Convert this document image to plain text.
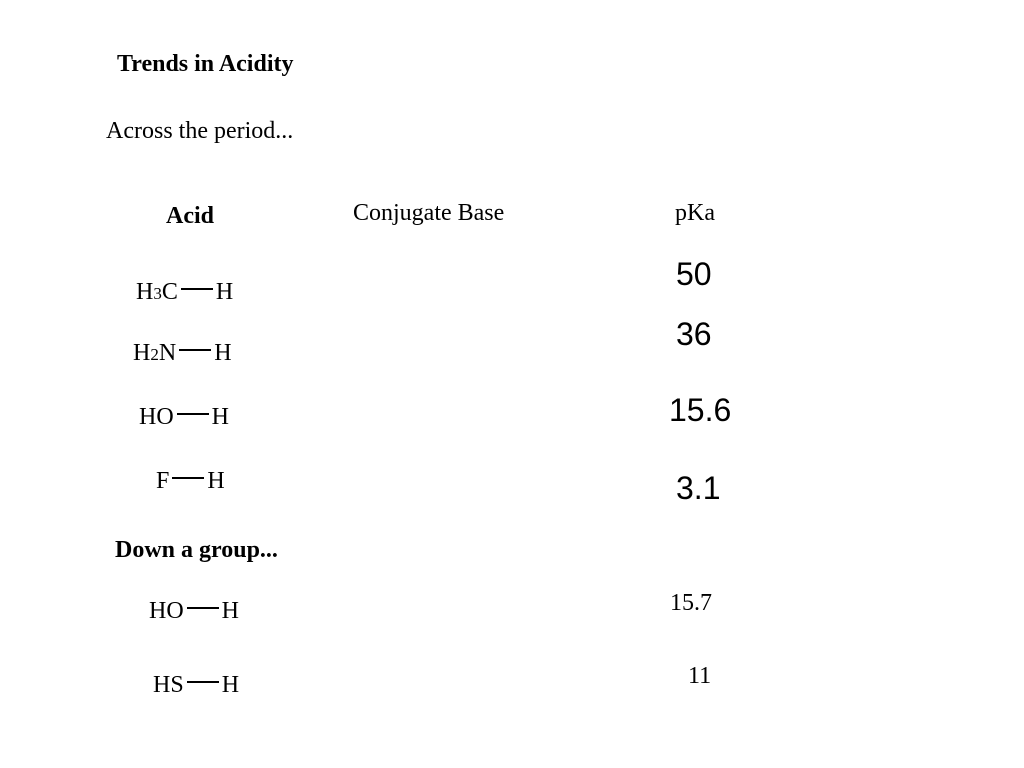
Trends in Acidity
Across the period...
Acid	Conjugate Base	pKa
H 3 C H
H 2 N H
HO H
F H
50
36
15.6
3.1
Down a group...
HO H
HS H
15.7
11
